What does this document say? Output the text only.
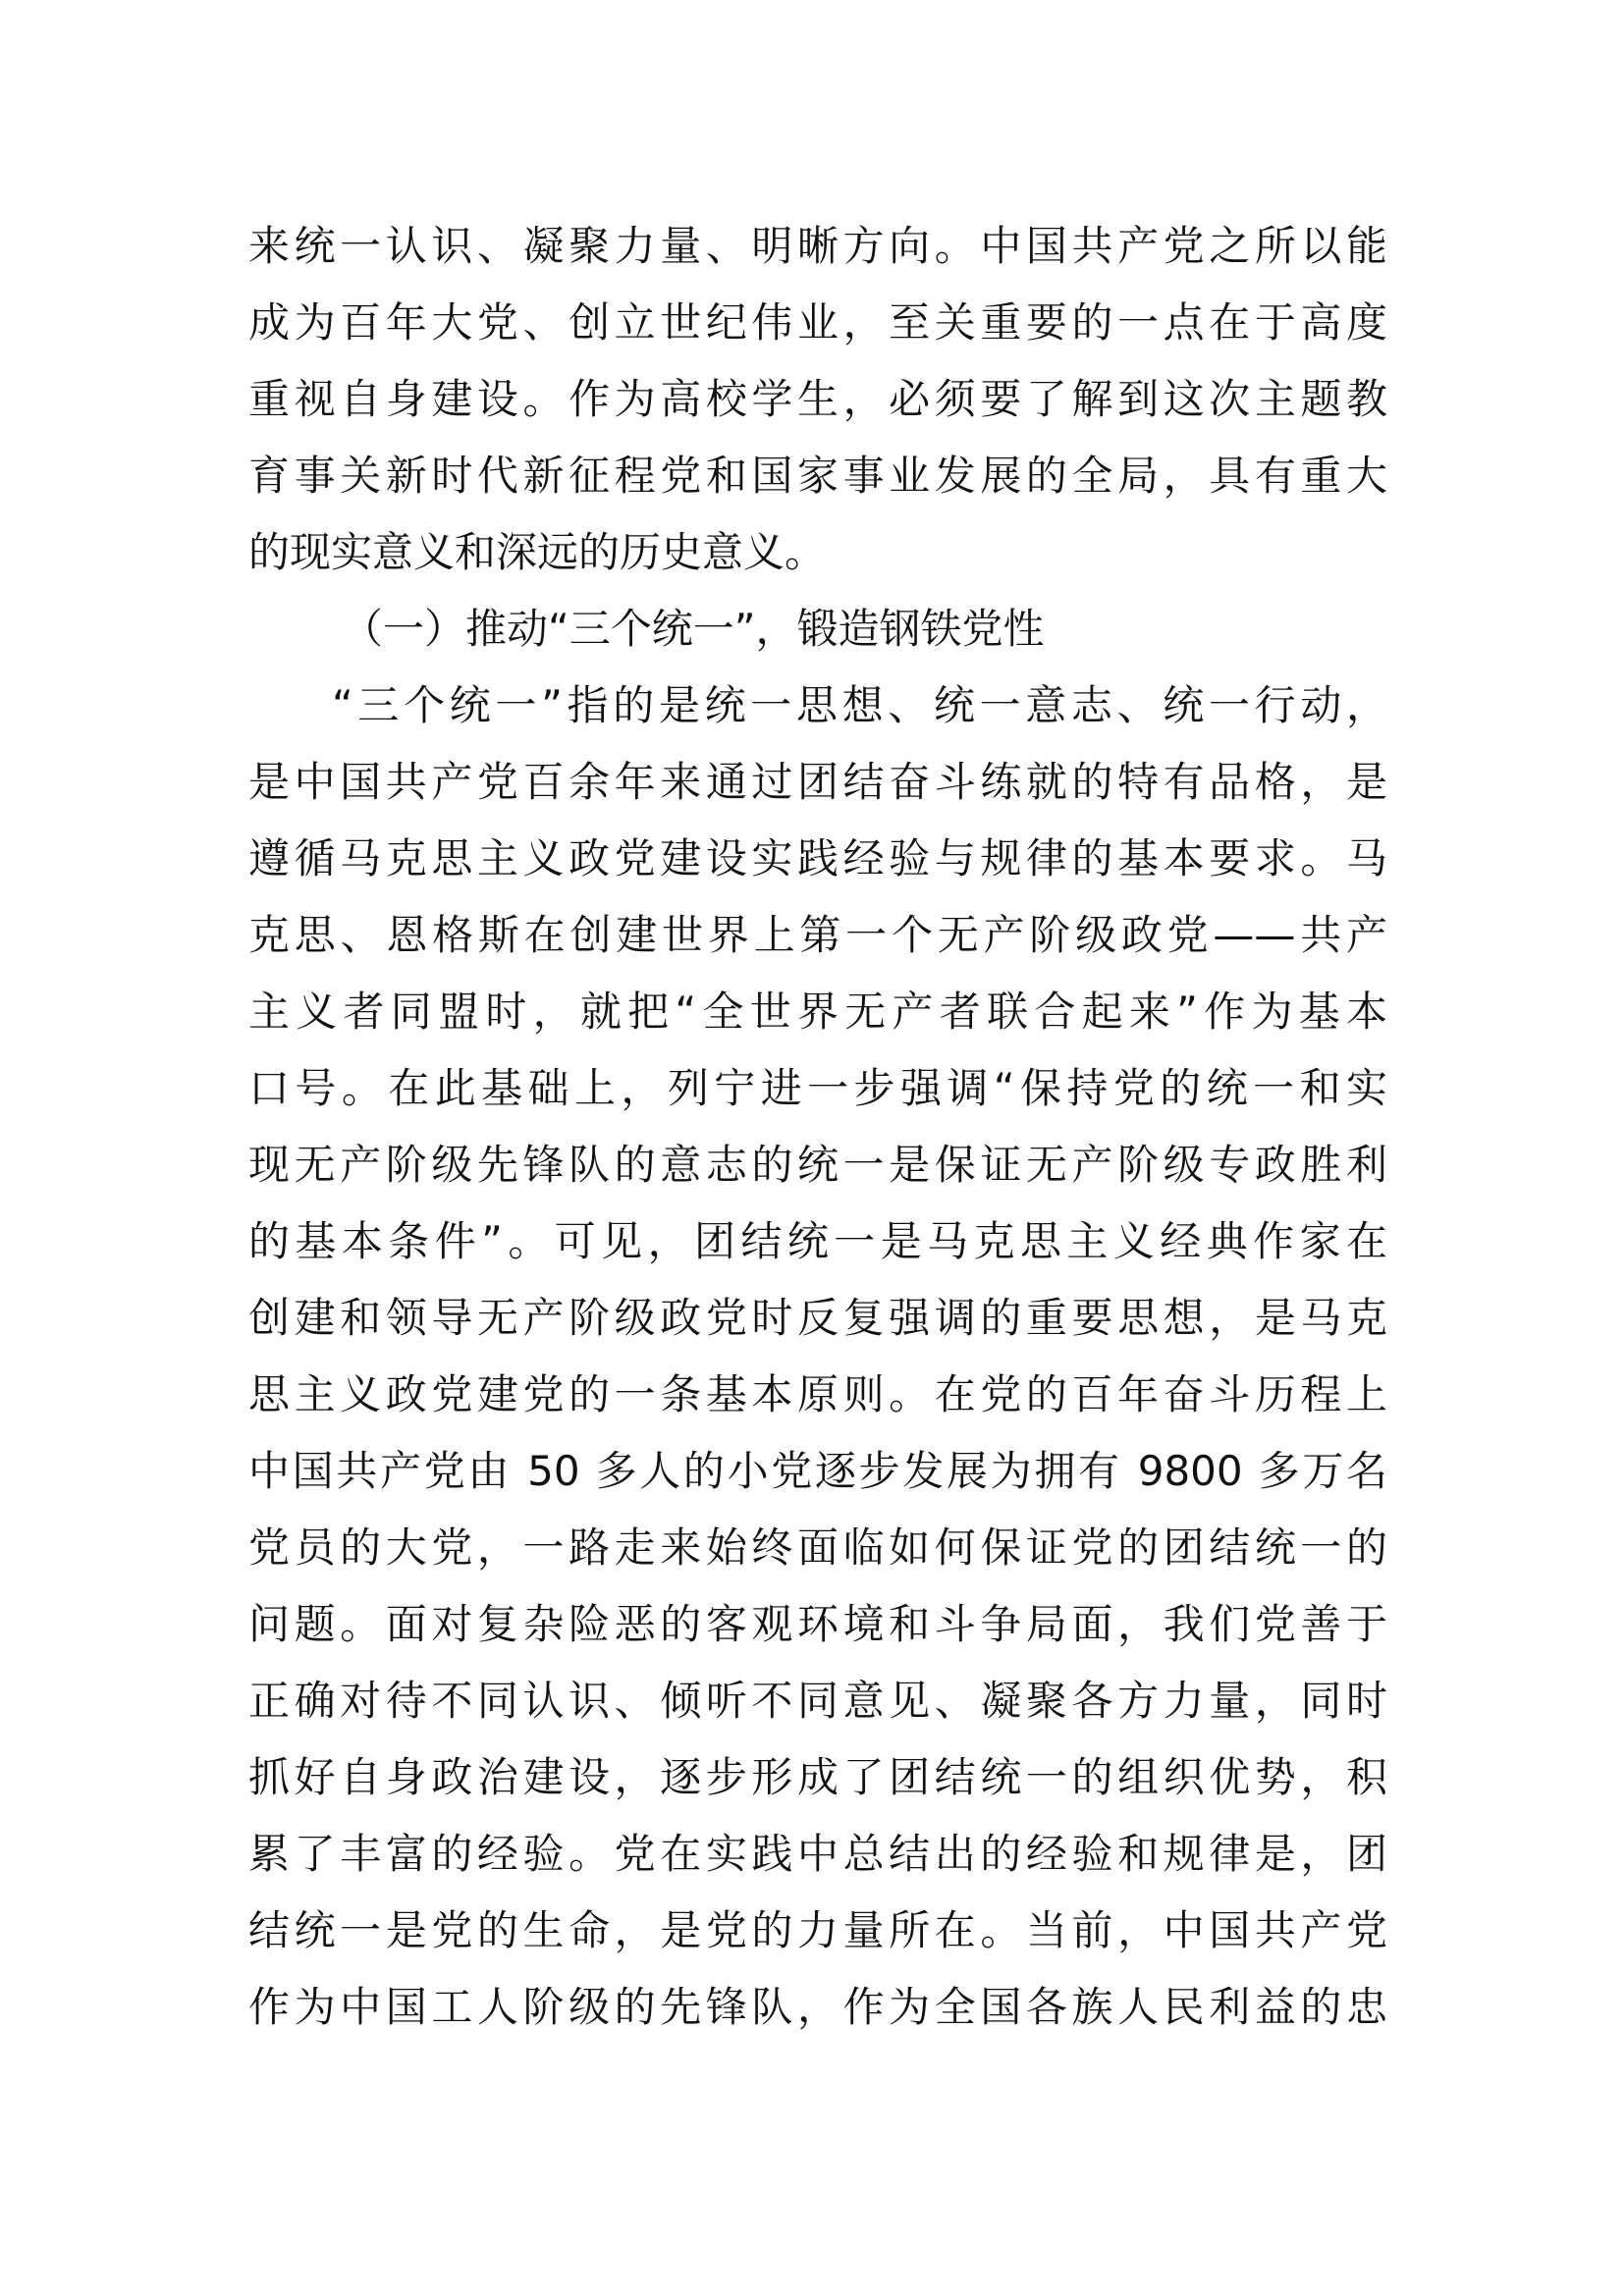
来统一认识、凝聚力量、明晰方向。中国共产党之所以能
成为百年大党、创立世纪伟业，至关重要的一点在于高度
重视自身建设。作为高校学生，必须要了解到这次主题教
育事关新时代新征程党和国家事业发展的全局，具有重大
的现实意义和深远的历史意义。
（一）推动“三个统一”，锻造钢铁党性
“三个统一”指的是统一思想、统一意志、统一行动，
是中国共产党百余年来通过团结奋斗练就的特有品格，是
遵循马克思主义政党建设实践经验与规律的基本要求。马
克思、恩格斯在创建世界上第一个无产阶级政党——共产
主义者同盟时，就把“全世界无产者联合起来”作为基本
口号。在此基础上，列宁进一步强调“保持党的统一和实
现无产阶级先锋队的意志的统一是保证无产阶级专政胜利
的基本条件”。可见，团结统一是马克思主义经典作家在
创建和领导无产阶级政党时反复强调的重要思想，是马克
思主义政党建党的一条基本原则。在党的百年奋斗历程上
中国共产党由 50 多人的小党逐步发展为拥有 9800 多万名
党员的大党，一路走来始终面临如何保证党的团结统一的
问题。面对复杂险恶的客观环境和斗争局面，我们党善于
正确对待不同认识、倾听不同意见、凝聚各方力量，同时
抓好自身政治建设，逐步形成了团结统一的组织优势，积
累了丰富的经验。党在实践中总结出的经验和规律是，团
结统一是党的生命，是党的力量所在。当前，中国共产党
作为中国工人阶级的先锋队，作为全国各族人民利益的忠
